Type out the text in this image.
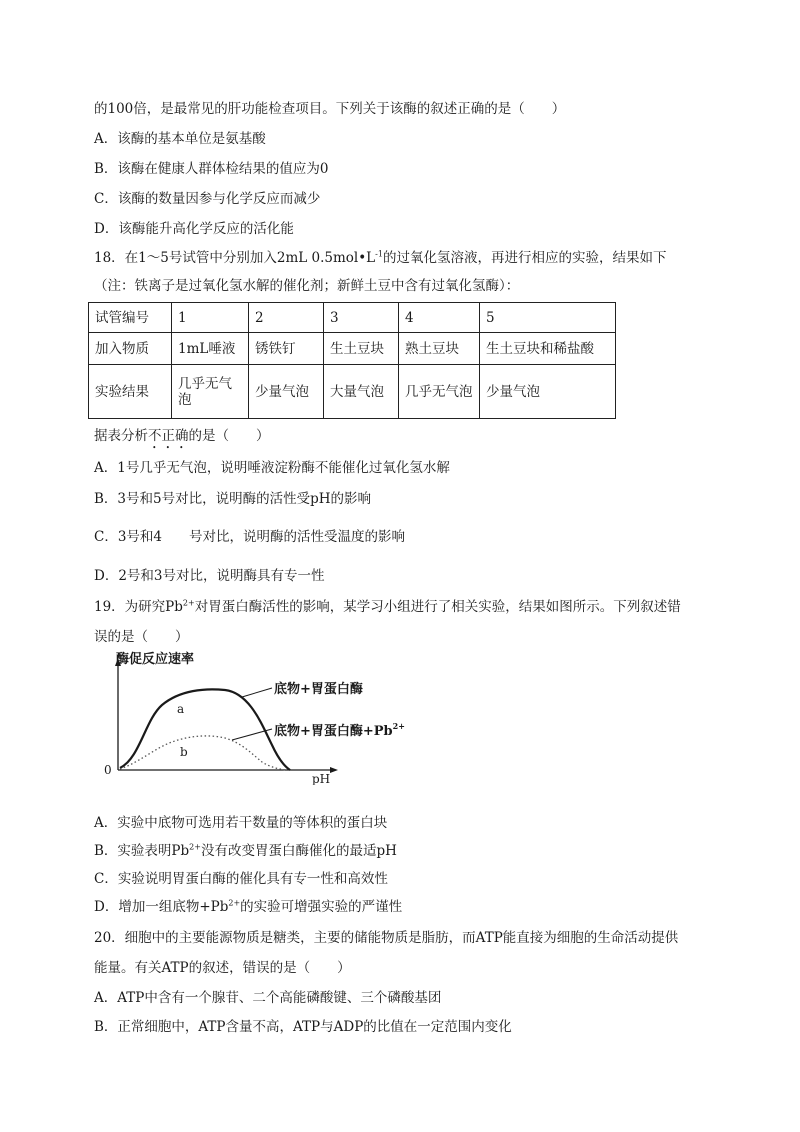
的100倍，是最常见的肝功能检查项目。下列关于该酶的叙述正确的是（　　）
A．该酶的基本单位是氨基酸
B．该酶在健康人群体检结果的值应为0
C．该酶的数量因参与化学反应而减少
D．该酶能升高化学反应的活化能
18．在1～5号试管中分别加入2mL $0.5mol•L^{-1}$的过氧化氢溶液，再进行相应的实验，结果如下
（注：铁离子是过氧化氢水解的催化剂；新鲜土豆中含有过氧化氢酶）：
试管编号	1	2	3	4	5
加入物质	1mL唾液	锈铁钉	生土豆块	熟土豆块	生土豆块和稀盐酸
实验结果	几乎无气泡	少量气泡	大量气泡	几乎无气泡	少量气泡
据表分析不正确的是（　　）
A．1号几乎无气泡，说明唾液淀粉酶不能催化过氧化氢水解
B．3号和5号对比，说明酶的活性受pH的影响
C．3号和4　　号对比，说明酶的活性受温度的影响
D．2号和3号对比，说明酶具有专一性
19．为研究$Pb^{2+}$对胃蛋白酶活性的影响，某学习小组进行了相关实验，结果如图所示。下列叙述错
误的是（　　）
酶促反应速率
pH
0
a
b
底物+胃蛋白酶
底物+胃蛋白酶$+Pb^{2+}$
A．实验中底物可选用若干数量的等体积的蛋白块
B．实验表明$Pb^{2+}$没有改变胃蛋白酶催化的最适pH
C．实验说明胃蛋白酶的催化具有专一性和高效性
D．增加一组底物$+Pb^{2+}$的实验可增强实验的严谨性
20．细胞中的主要能源物质是糖类，主要的储能物质是脂肪，而ATP能直接为细胞的生命活动提供
能量。有关ATP的叙述，错误的是（　　）
A．ATP中含有一个腺苷、二个高能磷酸键、三个磷酸基团
B．正常细胞中，ATP含量不高，ATP与ADP的比值在一定范围内变化
